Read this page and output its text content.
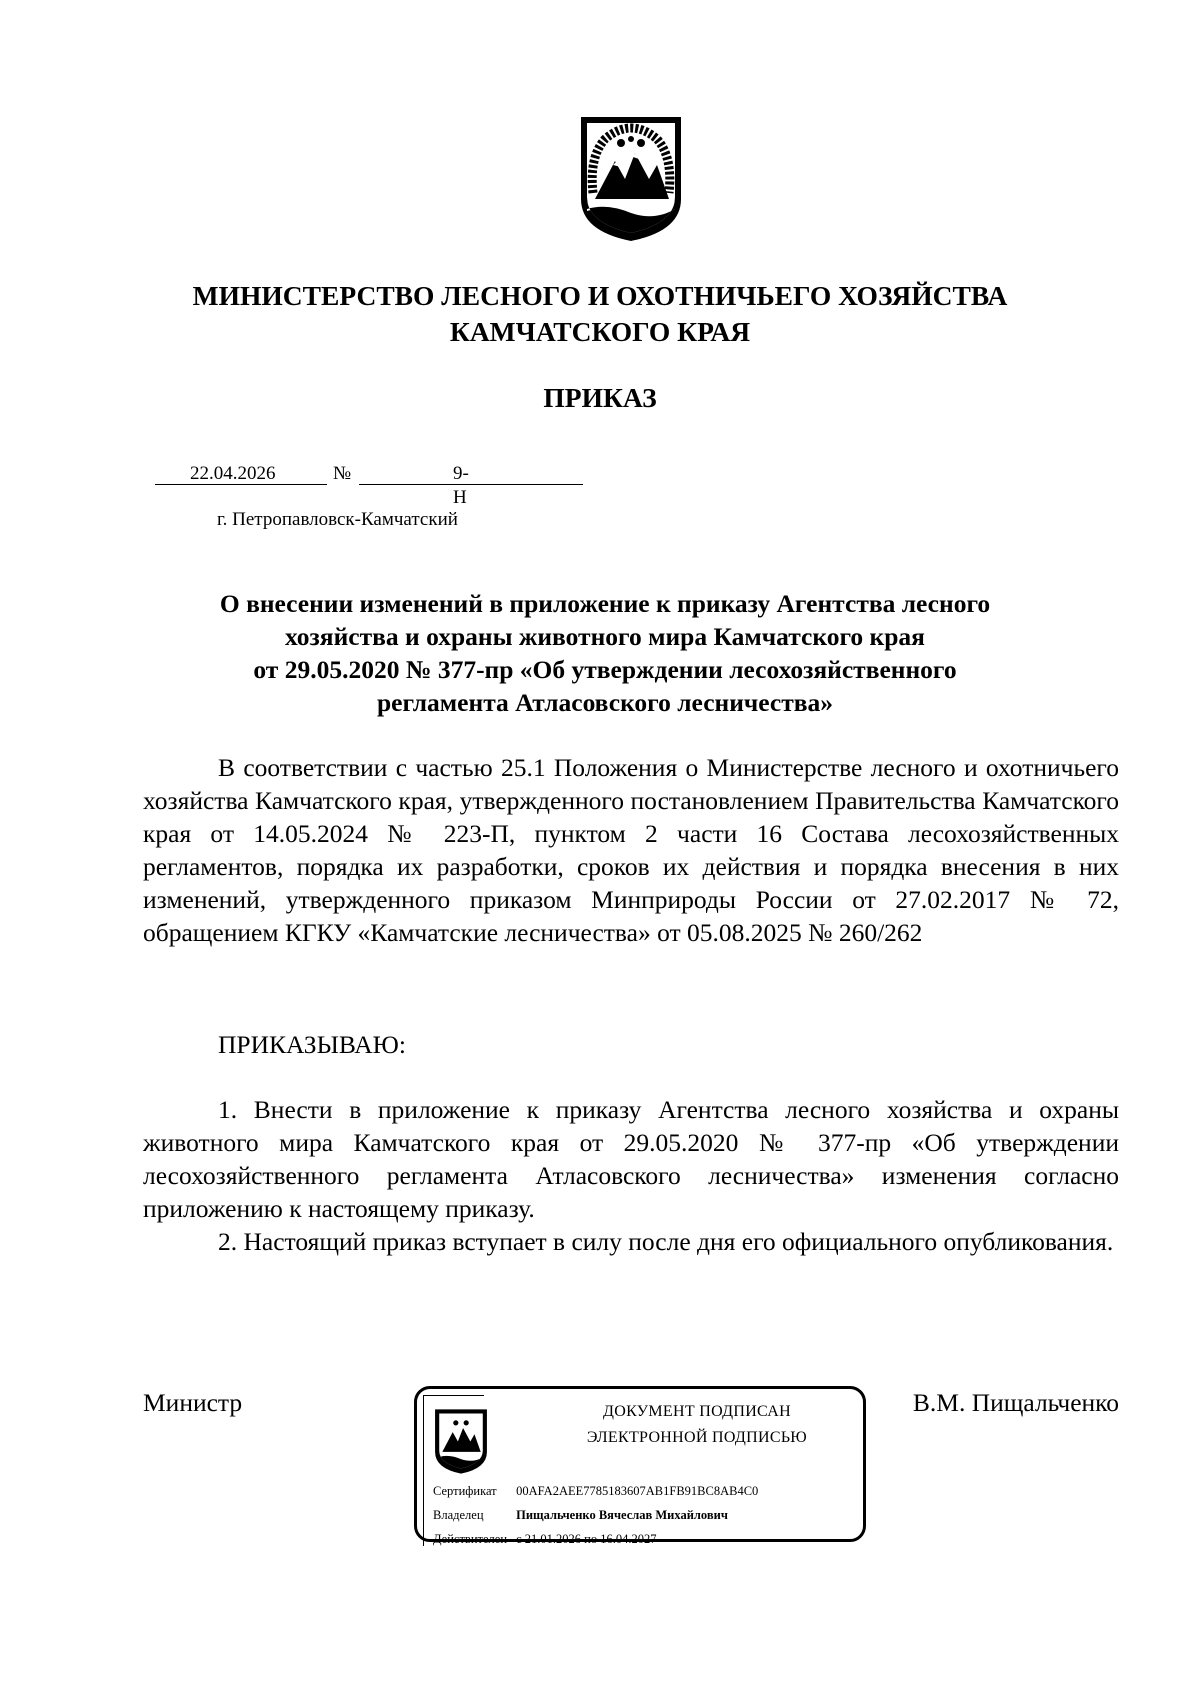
МИНИСТЕРСТВО ЛЕСНОГО И ОХОТНИЧЬЕГО ХОЗЯЙСТВА
КАМЧАТСКОГО КРАЯ
ПРИКАЗ
22.04.2026	№	9-Н
г. Петропавловск-Камчатский
О внесении изменений в приложение к приказу Агентства лесного
хозяйства и охраны животного мира Камчатского края
от 29.05.2020 № 377-пр «Об утверждении лесохозяйственного
регламента Атласовского лесничества»

В соответствии с частью 25.1 Положения о Министерстве лесного и охотничьего хозяйства Камчатского края, утвержденного постановлением Правительства Камчатского края от 14.05.2024 № 223-П, пунктом 2 части 16 Состава лесохозяйственных регламентов, порядка их разработки, сроков их действия и порядка внесения в них изменений, утвержденного приказом Минприроды России от 27.02.2017 № 72, обращением КГКУ «Камчатские лесничества» от 05.08.2025 № 260/262

ПРИКАЗЫВАЮ:

1. Внести в приложение к приказу Агентства лесного хозяйства и охраны животного мира Камчатского края от 29.05.2020 № 377-пр «Об утверждении лесохозяйственного регламента Атласовского лесничества» изменения согласно приложению к настоящему приказу.

2. Настоящий приказ вступает в силу после дня его официального опубликования.

Министр	В.М. Пищальченко
ДОКУМЕНТ ПОДПИСАН
ЭЛЕКТРОННОЙ ПОДПИСЬЮ
Сертификат 00AFA2AEE7785183607AB1FB91BC8AB4C0
Владелец	Пищальченко Вячеслав Михайлович
Действителен с 21.01.2026 по 16.04.2027
